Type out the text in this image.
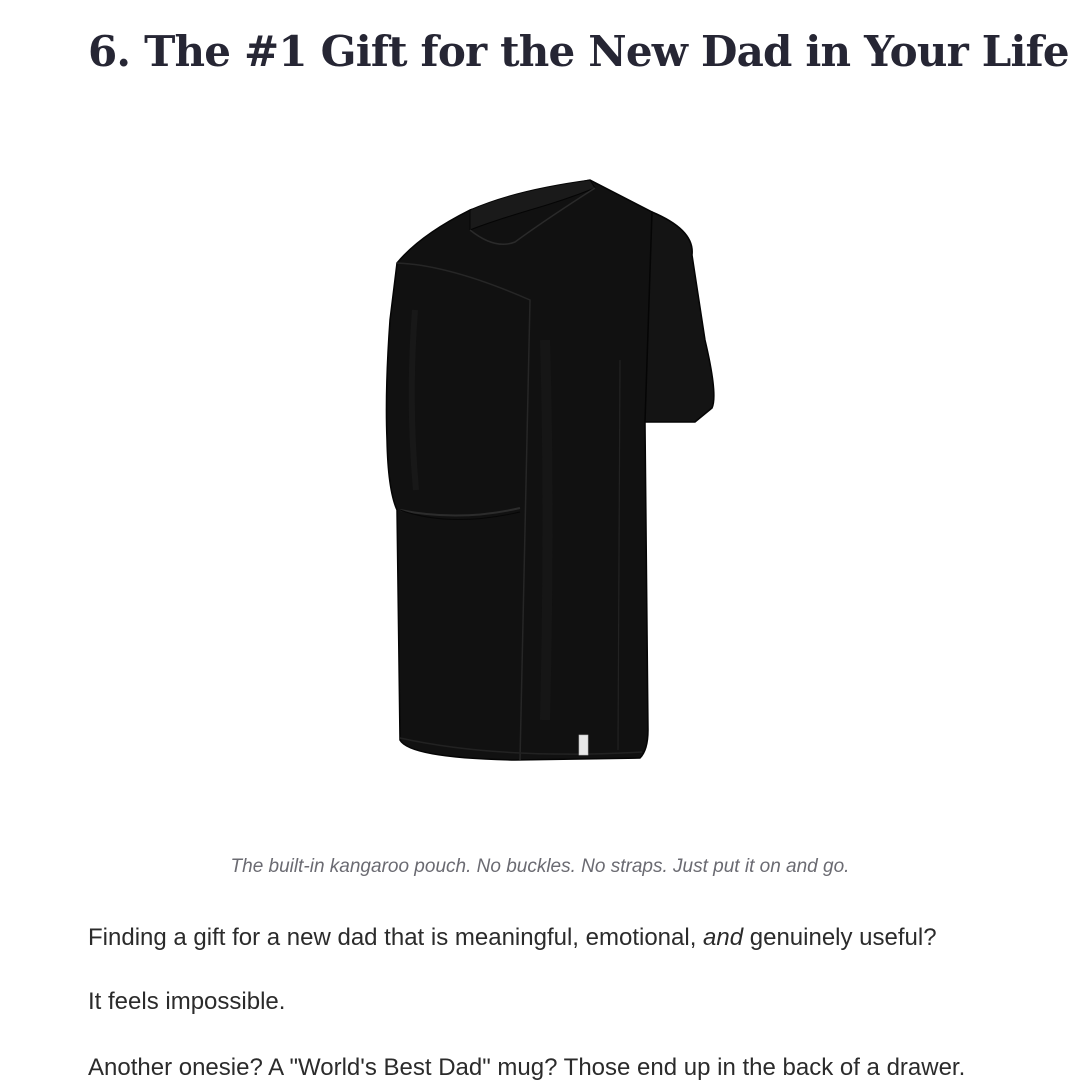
6. The #1 Gift for the New Dad in Your Life

The built-in kangaroo pouch. No buckles. No straps. Just put it on and go.

Finding a gift for a new dad that is meaningful, emotional, and genuinely useful?

It feels impossible.

Another onesie? A "World's Best Dad" mug? Those end up in the back of a drawer.
